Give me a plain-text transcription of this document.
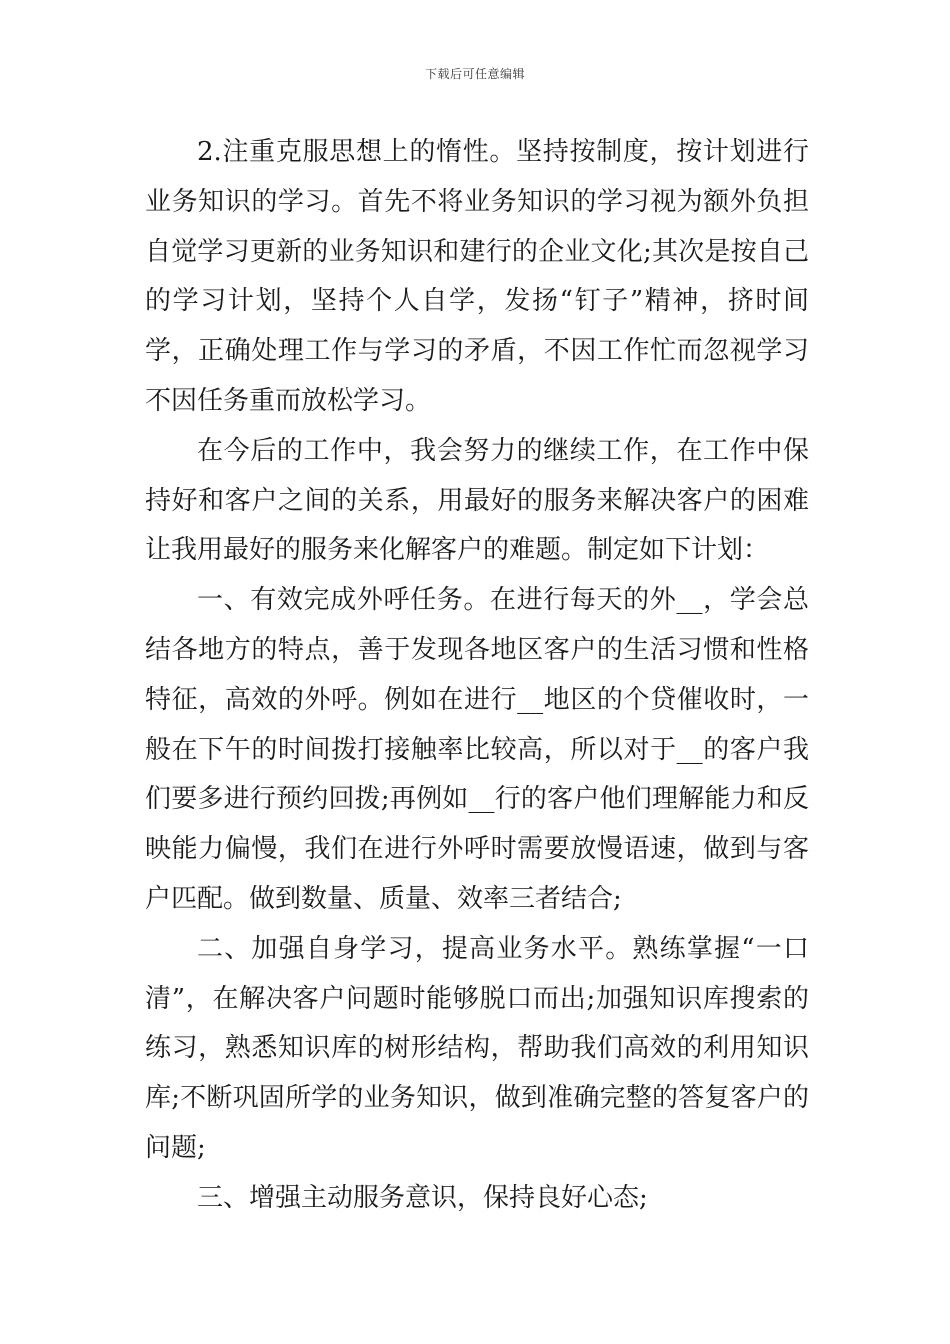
下载后可任意编辑
2.注重克服思想上的惰性。坚持按制度，按计划进行
业务知识的学习。首先不将业务知识的学习视为额外负担
自觉学习更新的业务知识和建行的企业文化;其次是按自己
的学习计划，坚持个人自学，发扬“钉子”精神，挤时间
学，正确处理工作与学习的矛盾，不因工作忙而忽视学习
不因任务重而放松学习。
在今后的工作中，我会努力的继续工作，在工作中保
持好和客户之间的关系，用最好的服务来解决客户的困难
让我用最好的服务来化解客户的难题。制定如下计划：
一、有效完成外呼任务。在进行每天的外__，学会总
结各地方的特点，善于发现各地区客户的生活习惯和性格
特征，高效的外呼。例如在进行__地区的个贷催收时，一
般在下午的时间拨打接触率比较高，所以对于__的客户我
们要多进行预约回拨;再例如__行的客户他们理解能力和反
映能力偏慢，我们在进行外呼时需要放慢语速，做到与客
户匹配。做到数量、质量、效率三者结合;
二、加强自身学习，提高业务水平。熟练掌握“一口
清”，在解决客户问题时能够脱口而出;加强知识库搜索的
练习，熟悉知识库的树形结构，帮助我们高效的利用知识
库;不断巩固所学的业务知识，做到准确完整的答复客户的
问题;
三、增强主动服务意识，保持良好心态;
